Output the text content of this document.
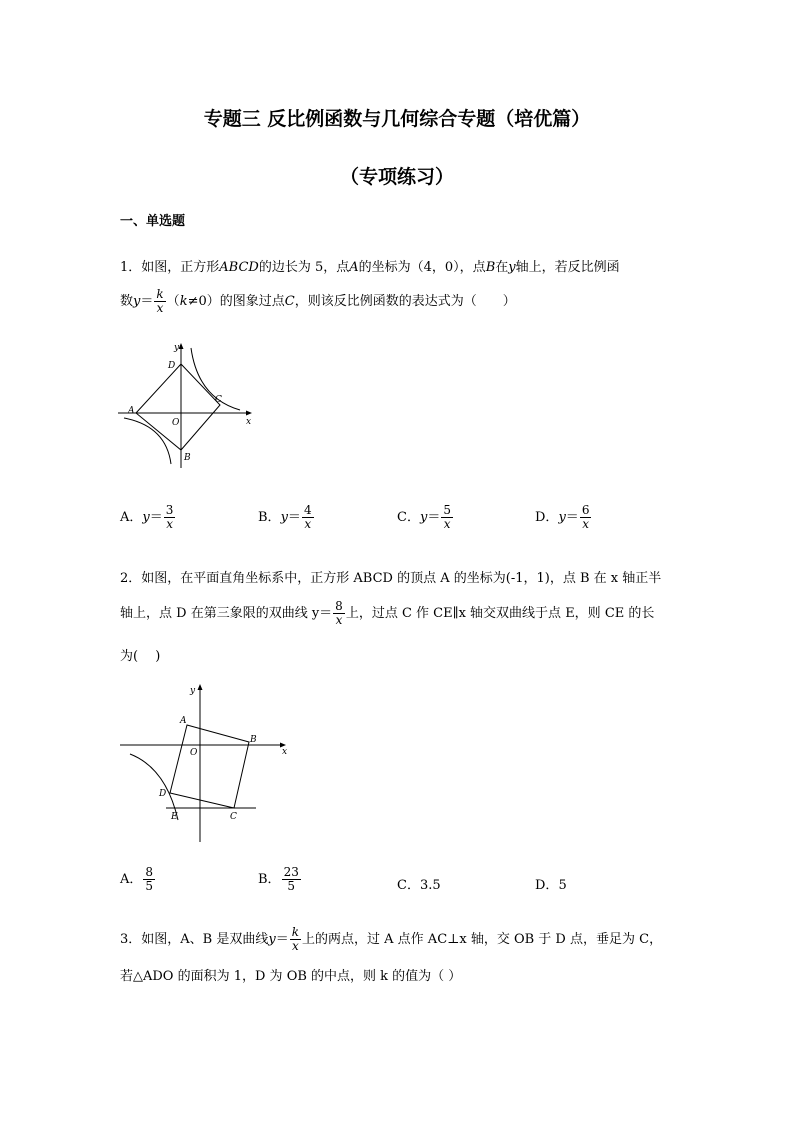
专题三 反比例函数与几何综合专题（培优篇）
（专项练习）
一、单选题
1．如图，正方形ABCD的边长为 5，点A的坐标为（4，0），点B在y轴上，若反比例函
数$y= \frac{k}{x} (k\ne 0)$的图象过点C，则该反比例函数的表达式为（　　）
y
x
A
O
D
C
B
A．$y= \frac{3}{x}$	B．$y= \frac{4}{x}$	C．$y= \frac{5}{x}$	D．$y= \frac{6}{x}$
2．如图，在平面直角坐标系中，正方形 ABCD 的顶点 A 的坐标为(-1，1)，点 B 在 x 轴正半
轴上，点 D 在第三象限的双曲线 $y= \frac{8}{x}$ 上，过点 C 作 CE∥x 轴交双曲线于点 E，则 CE 的长
为(　 )
y
x
A
O
B
D
E	C
A． $\frac{8}{5}$	B． $\frac{23}{5}$	C．3.5	D．5
3．如图，A、B 是双曲线$y= \frac{k}{x}$ 上的两点，过 A 点作 AC⊥x 轴，交 OB 于 D 点，垂足为 C，
若△ADO 的面积为 1，D 为 OB 的中点，则 k 的值为（ ）
